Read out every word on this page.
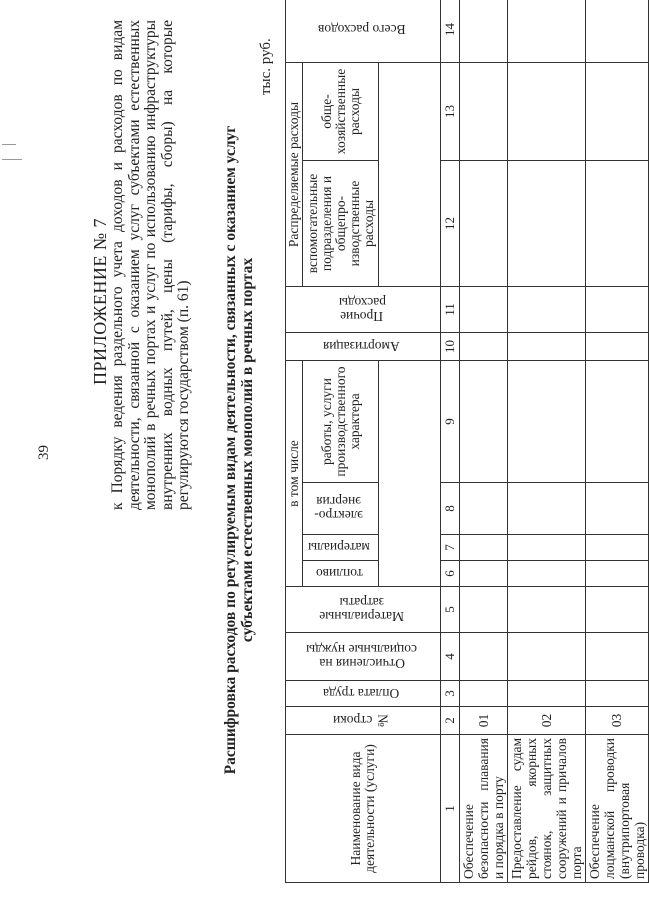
39
ПРИЛОЖЕНИЕ № 7 к Порядку ведения раздельного учета доходов и расходов по видам деятельности, связанной с оказанием услуг субъектами естественных монополий в речных портах и услуг по использованию инфраструктуры внутренних водных путей, цены (тарифы, сборы) на которые регулируются государством (п. 61) Расшифровка расходов по регулируемым видам деятельности, связанных с оказанием услуг субъектами естественных монополий в речных портах

тыс. руб.
Наименование вида деятельности (услуги)	№ строки	Оплата труда	Отчисления на социальные нужды	Материальные затраты	в том числе				Амортизация	Прочие расходы	Распределяемые расходы		Всего расходов
					топливо	материалы	электро-энергия	работы, услуги производственного характера			вспомогательные подразделения и общепро-изводственные расходы	обще-хозяйственные расходы	

1	2	3	4	5	6	7	8	9	10	11	12	13	14
Обеспечение безопасности плавания и порядка в порту	01												
Предоставление судам рейдов, якорных стоянок, защитных сооружений и причалов порта	02												
Обеспечение лоцманской проводки (внутрипортовая проводка)	03												
